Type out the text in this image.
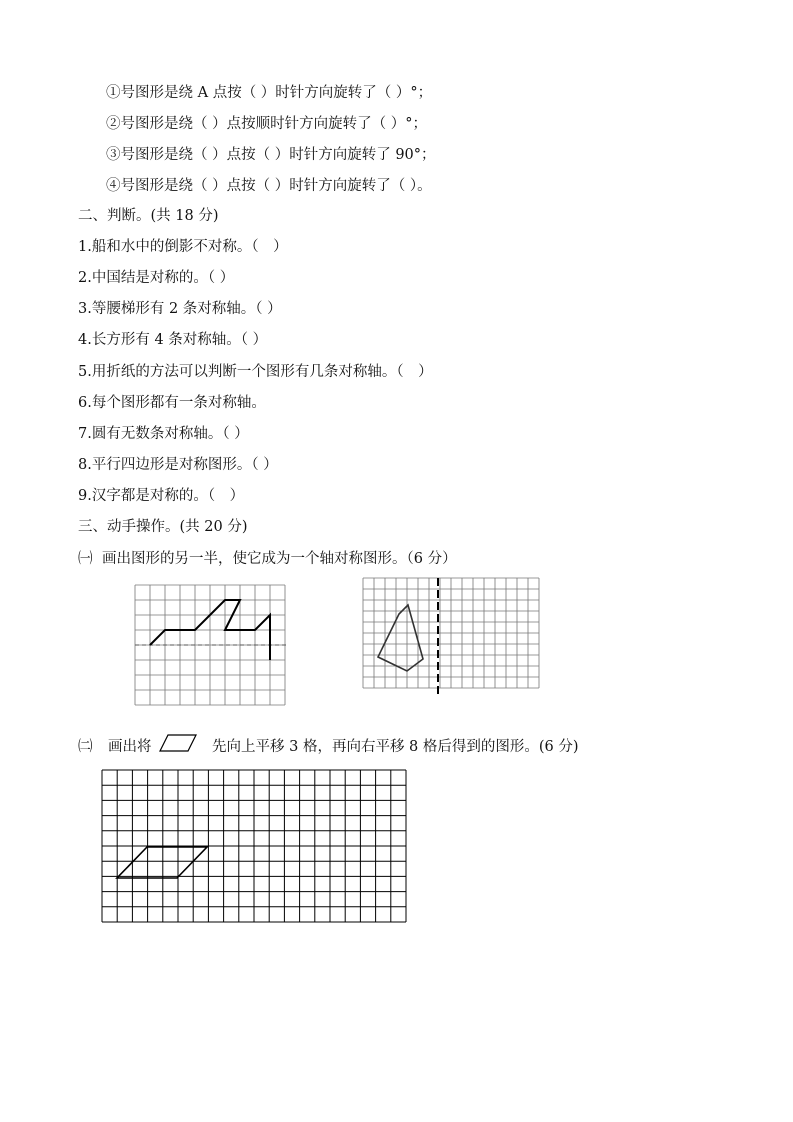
①号图形是绕 A 点按（ ）时针方向旋转了（ ）°；
②号图形是绕（ ）点按顺时针方向旋转了（ ）°；
③号图形是绕（ ）点按（ ）时针方向旋转了 90°；
④号图形是绕（ ）点按（ ）时针方向旋转了（ ）。
二、判断。(共 18 分)
1.船和水中的倒影不对称。（　）
2.中国结是对称的。（ ）
3.等腰梯形有 2 条对称轴。（ ）
4.长方形有 4 条对称轴。（ ）
5.用折纸的方法可以判断一个图形有几条对称轴。（　）
6.每个图形都有一条对称轴。
7.圆有无数条对称轴。（ ）
8.平行四边形是对称图形。（ ）
9.汉字都是对称的。（　）
三、动手操作。(共 20 分)
㈠ 画出图形的另一半，使它成为一个轴对称图形。（6 分）
㈡ 画出将	先向上平移 3 格，再向右平移 8 格后得到的图形。(6 分)
